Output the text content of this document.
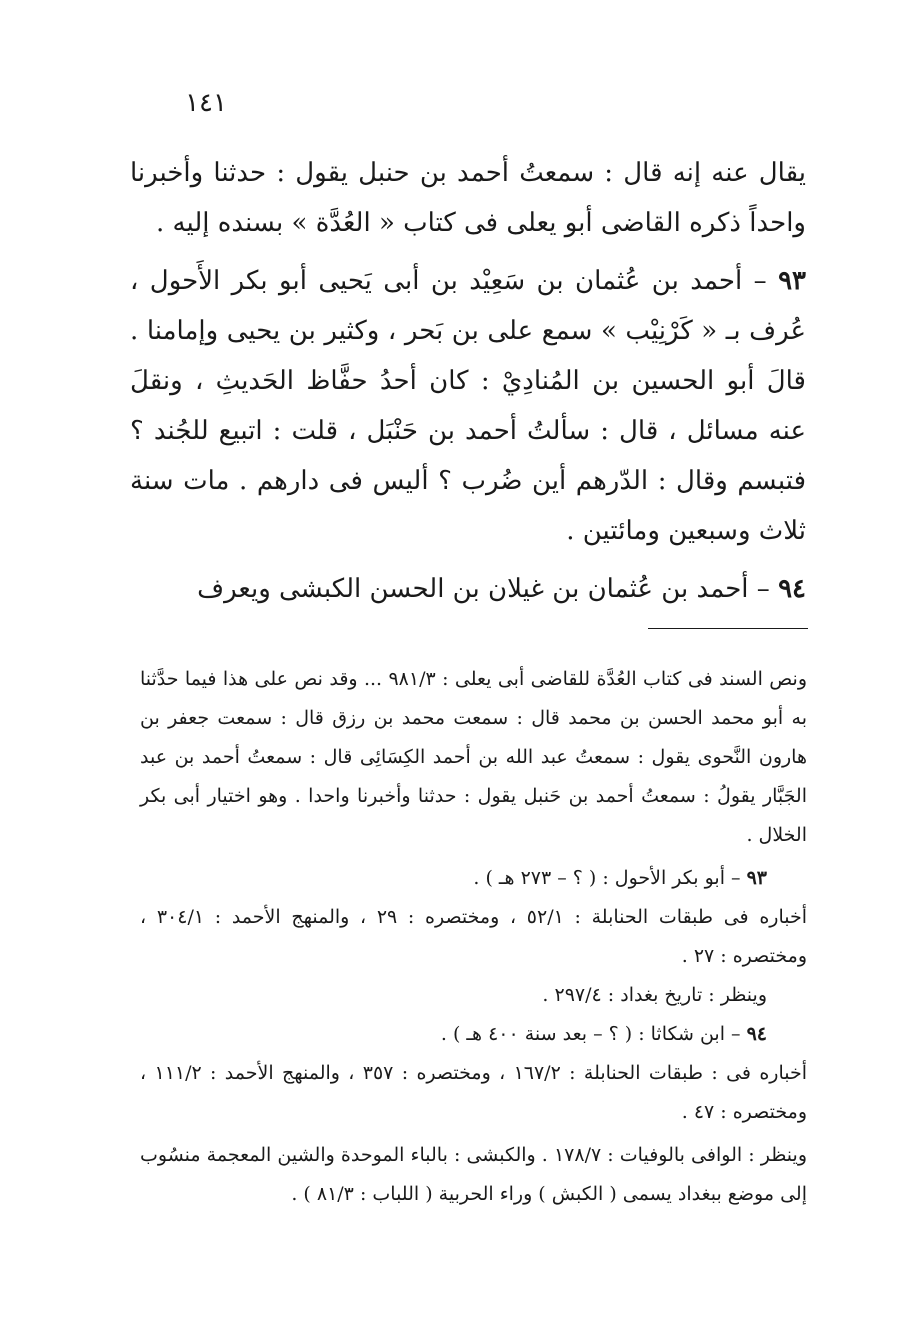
١٤١

يقال عنه إنه قال : سمعتُ أحمد بن حنبل يقول : حدثنا وأخبرنا واحداً ذكره القاضى أبو يعلى فى كتاب « العُدَّة » بسنده إليه .

٩٣ – أحمد بن عُثمان بن سَعِيْد بن أبى يَحيى أبو بكر الأَحول ، عُرف بـ « كَرْنِيْب » سمع على بن بَحر ، وكثير بن يحيى وإمامنا . قالَ أبو الحسين بن المُنادِيْ : كان أحدُ حفَّاظ الحَديثِ ، ونقلَ عنه مسائل ، قال : سألتُ أحمد بن حَنْبَل ، قلت : اتبيع للجُند ؟ فتبسم وقال : الدّرهم أين ضُرب ؟ أليس فى دارهم . مات سنة ثلاث وسبعين ومائتين .

٩٤ – أحمد بن عُثمان بن غيلان بن الحسن الكبشى ويعرف

ونص السند فى كتاب العُدَّة للقاضى أبى يعلى : ٩٨١/٣ ... وقد نص على هذا فيما حدَّثنا به أبو محمد الحسن بن محمد قال : سمعت محمد بن رزق قال : سمعت جعفر بن هارون النَّحوى يقول : سمعتُ عبد الله بن أحمد الكِسَائِى قال : سمعتُ أحمد بن عبد الجَبَّار يقولُ : سمعتُ أحمد بن حَنبل يقول : حدثنا وأخبرنا واحدا . وهو اختيار أبى بكر الخلال .

٩٣ – أبو بكر الأحول : ( ؟ – ٢٧٣ هـ ) .

أخباره فى طبقات الحنابلة : ٥٢/١ ، ومختصره : ٢٩ ، والمنهج الأحمد : ٣٠٤/١ ، ومختصره : ٢٧ .

وينظر : تاريخ بغداد : ٢٩٧/٤ .

٩٤ – ابن شكاثا : ( ؟ – بعد سنة ٤٠٠ هـ ) .

أخباره فى : طبقات الحنابلة : ١٦٧/٢ ، ومختصره : ٣٥٧ ، والمنهج الأحمد : ١١١/٢ ، ومختصره : ٤٧ .

وينظر : الوافى بالوفيات : ١٧٨/٧ . والكبشى : بالباء الموحدة والشين المعجمة منسُوب إلى موضع ببغداد يسمى ( الكبش ) وراء الحربية ( اللباب : ٨١/٣ ) .
